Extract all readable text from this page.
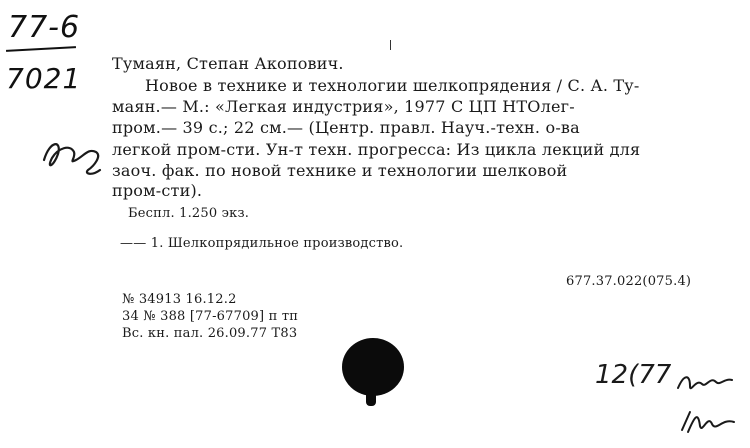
77-6
7021 Тумаян, Степан Акопович.
Новое в технике и технологии шелкопрядения / С. А. Ту-
маян.— М.: «Легкая индустрия», 1977 С ЦП НТОлег-
пром.— 39 с.; 22 см.— (Центр. правл. Науч.-техн. о-ва
легкой пром-сти. Ун-т техн. прогресса: Из цикла лекций для
заоч. фак. по новой технике и технологии шелковой
пром-сти).
Беспл. 1.250 экз.
—— 1. Шелкопрядильное производство.
677.37.022(075.4)
№ 34913 16.12.2
34 № 388 [77-67709] п тп
Вс. кн. пал. 26.09.77 Т83
12(77
